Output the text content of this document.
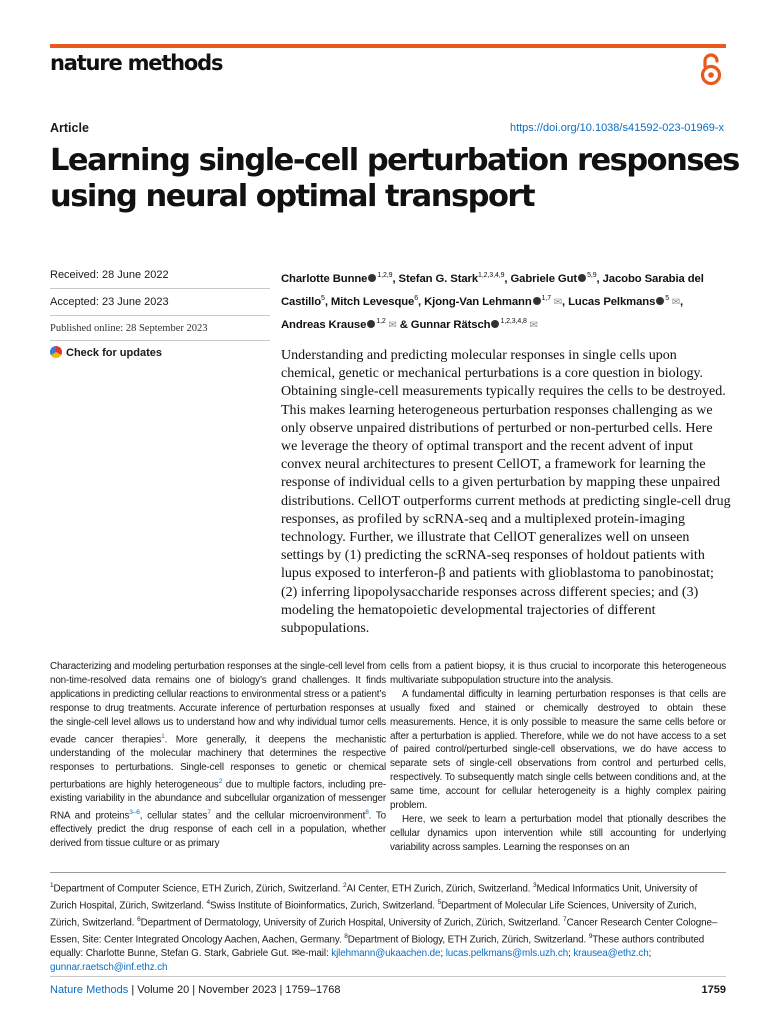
nature methods
Article	https://doi.org/10.1038/s41592-023-01969-x
Learning single-cell perturbation responses using neural optimal transport
Received: 28 June 2022
Accepted: 23 June 2023
Published online: 28 September 2023
Check for updates
Charlotte Bunne $^{1,2,9}$, Stefan G. Stark$^{1,2,3,4,9}$, Gabriele Gut $^{5,9}$, Jacobo Sarabia del Castillo$^5$, Mitch Levesque$^6$, Kjong-Van Lehmann $^{1,7}$ ✉, Lucas Pelkmans $^5$ ✉, Andreas Krause $^{1,2}$ ✉ & Gunnar Rätsch $^{1,2,3,4,8}$ ✉

Understanding and predicting molecular responses in single cells upon chemical, genetic or mechanical perturbations is a core question in biology. Obtaining single-cell measurements typically requires the cells to be destroyed. This makes learning heterogeneous perturbation responses challenging as we only observe unpaired distributions of perturbed or non-perturbed cells. Here we leverage the theory of optimal transport and the recent advent of input convex neural architectures to present CellOT, a framework for learning the response of individual cells to a given perturbation by mapping these unpaired distributions. CellOT outperforms current methods at predicting single-cell drug responses, as profiled by scRNA-seq and a multiplexed protein-imaging technology. Further, we illustrate that CellOT generalizes well on unseen settings by (1) predicting the scRNA-seq responses of holdout patients with lupus exposed to interferon-β and patients with glioblastoma to panobinostat; (2) inferring lipopolysaccharide responses across different species; and (3) modeling the hematopoietic developmental trajectories of different subpopulations.

Characterizing and modeling perturbation responses at the single-cell level from non-time-resolved data remains one of biology’s grand challenges. It finds applications in predicting cellular reactions to environmental stress or a patient’s response to drug treatments. Accurate inference of perturbation responses at the single-cell level allows us to understand how and why individual tumor cells evade cancer therapies$^1$. More generally, it deepens the mechanistic understanding of the molecular machinery that determines the respective responses to perturbations. Single-cell responses to genetic or chemical perturbations are highly heterogeneous$^2$ due to multiple factors, including pre-existing variability in the abundance and subcellular organization of messenger RNA and proteins$^{3-6}$, cellular states$^7$ and the cellular microenvironment$^8$. To effectively predict the drug response of each cell in a population, whether derived from tissue culture or as primary

cells from a patient biopsy, it is thus crucial to incorporate this heterogeneous multivariate subpopulation structure into the analysis.

A fundamental difficulty in learning perturbation responses is that cells are usually fixed and stained or chemically destroyed to obtain these measurements. Hence, it is only possible to measure the same cells before or after a perturbation is applied. Therefore, while we do not have access to a set of paired control/perturbed single-cell observations, we do have access to separate sets of single-cell observations from control and perturbed cells, respectively. To subsequently match single cells between conditions and, at the same time, account for cellular heterogeneity is a highly complex pairing problem.

Here, we seek to learn a perturbation model that ptionally describes the cellular dynamics upon intervention while still accounting for underlying variability across samples. Learning the responses on an

$^1$Department of Computer Science, ETH Zurich, Zürich, Switzerland. $^2$AI Center, ETH Zurich, Zürich, Switzerland. $^3$Medical Informatics Unit, University of Zurich Hospital, Zürich, Switzerland. $^4$Swiss Institute of Bioinformatics, Zurich, Switzerland. $^5$Department of Molecular Life Sciences, University of Zurich, Zürich, Switzerland. $^6$Department of Dermatology, University of Zurich Hospital, University of Zurich, Zürich, Switzerland. $^7$Cancer Research Center Cologne–Essen, Site: Center Integrated Oncology Aachen, Aachen, Germany. $^8$Department of Biology, ETH Zurich, Zürich, Switzerland. $^9$These authors contributed equally: Charlotte Bunne, Stefan G. Stark, Gabriele Gut. ✉e-mail: kjlehmann@ukaachen.de; lucas.pelkmans@mls.uzh.ch; krausea@ethz.ch; gunnar.raetsch@inf.ethz.ch

Nature Methods | Volume 20 | November 2023 | 1759–1768	1759
